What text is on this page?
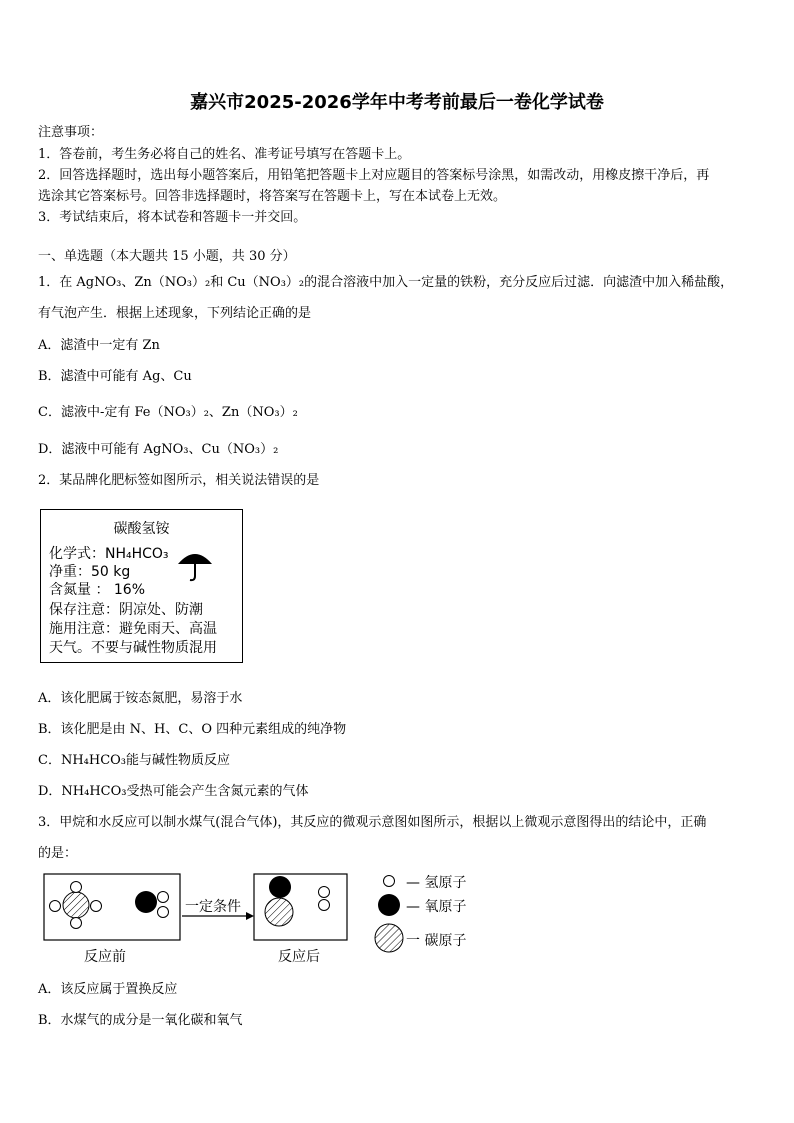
嘉兴市2025-2026学年中考考前最后一卷化学试卷
注意事项：
1．答卷前，考生务必将自己的姓名、准考证号填写在答题卡上。
2．回答选择题时，选出每小题答案后，用铅笔把答题卡上对应题目的答案标号涂黑，如需改动，用橡皮擦干净后，再
选涂其它答案标号。回答非选择题时，将答案写在答题卡上，写在本试卷上无效。
3．考试结束后，将本试卷和答题卡一并交回。
一、单选题（本大题共 15 小题，共 30 分）
1．在 AgNO₃、Zn（NO₃）₂和 Cu（NO₃）₂的混合溶液中加入一定量的铁粉，充分反应后过滤．向滤渣中加入稀盐酸，
有气泡产生．根据上述现象，下列结论正确的是
A．滤渣中一定有 Zn
B．滤渣中可能有 Ag、Cu
C．滤液中-定有 Fe（NO₃）₂、Zn（NO₃）₂
D．滤液中可能有 AgNO₃、Cu（NO₃）₂
2．某品牌化肥标签如图所示，相关说法错误的是
碳酸氢铵
化学式：NH₄HCO₃
净重：50 kg
含氮量 ： 16%
保存注意：阴凉处、防潮
施用注意：避免雨天、高温
天气。不要与碱性物质混用
A．该化肥属于铵态氮肥，易溶于水
B．该化肥是由 N、H、C、O 四种元素组成的纯净物
C．NH₄HCO₃能与碱性物质反应
D．NH₄HCO₃受热可能会产生含氮元素的气体
3．甲烷和水反应可以制水煤气(混合气体)，其反应的微观示意图如图所示，根据以上微观示意图得出的结论中，正确
的是：
一定条件
反应前	反应后
— 氢原子
— 氧原子
一 碳原子
A．该反应属于置换反应
B．水煤气的成分是一氧化碳和氧气
